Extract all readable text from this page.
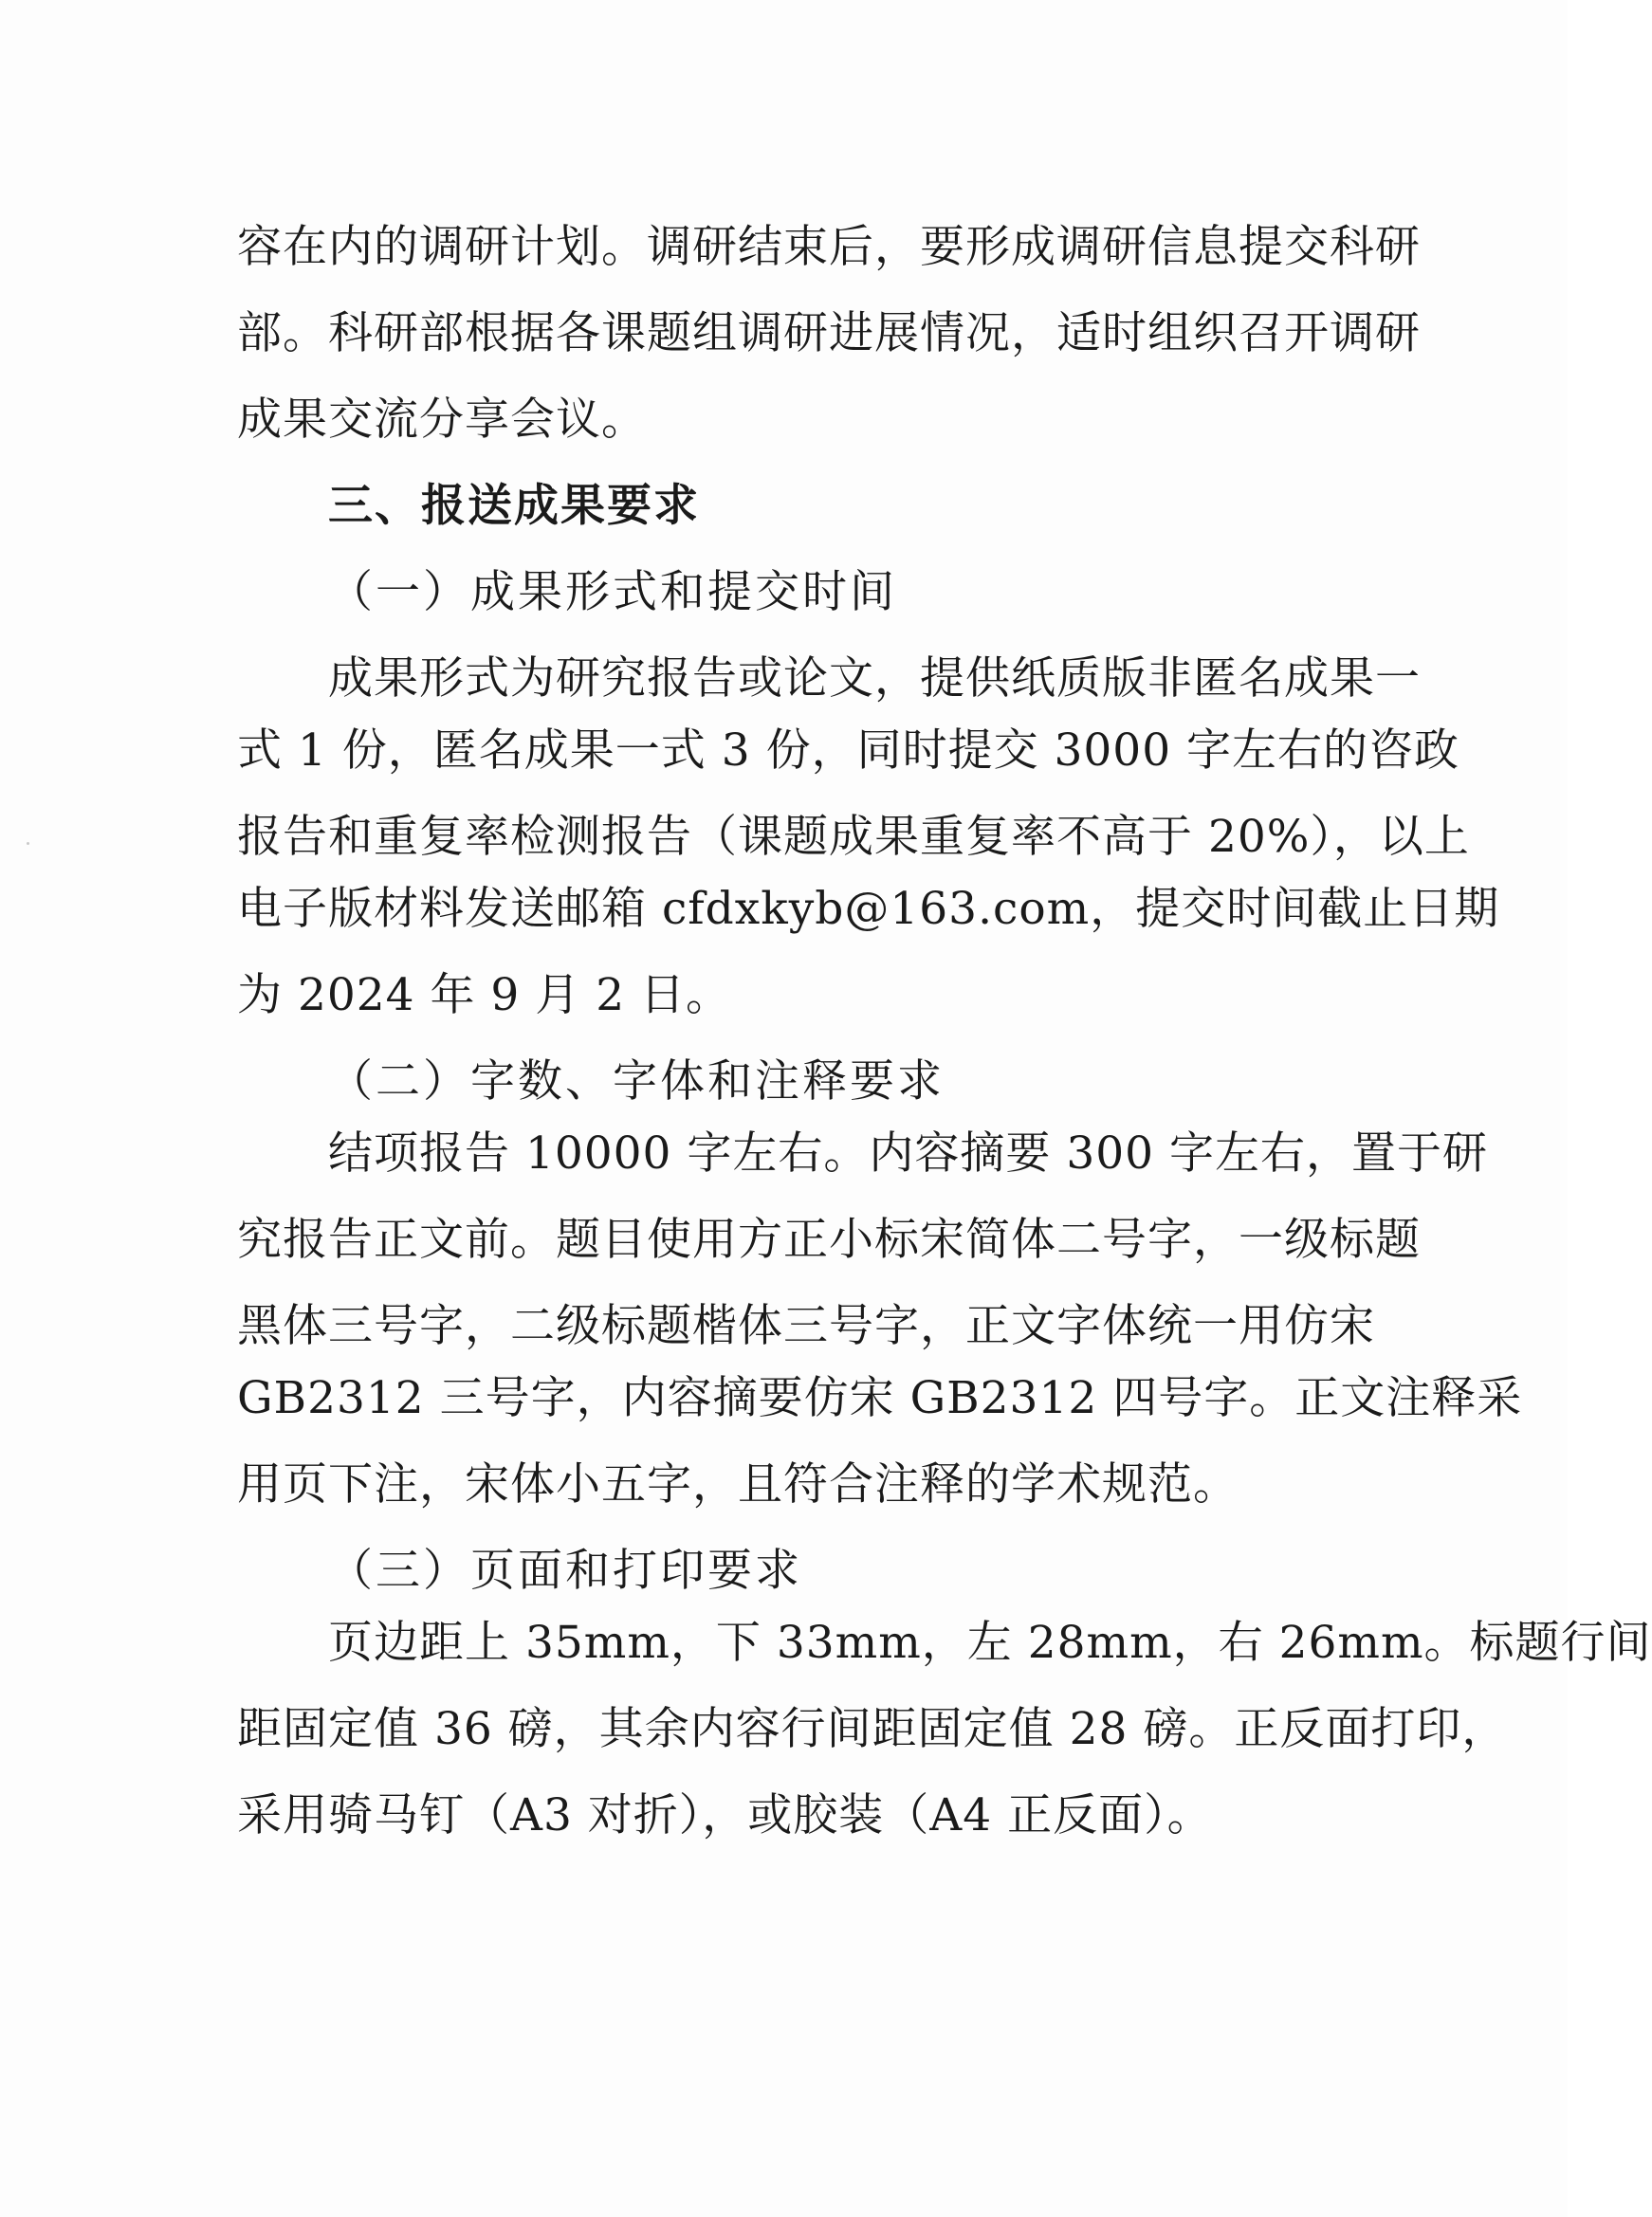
容在内的调研计划。调研结束后，要形成调研信息提交科研
部。科研部根据各课题组调研进展情况，适时组织召开调研
成果交流分享会议。
三、报送成果要求
（一）成果形式和提交时间
成果形式为研究报告或论文，提供纸质版非匿名成果一
式 1 份，匿名成果一式 3 份，同时提交 3000 字左右的咨政
报告和重复率检测报告（课题成果重复率不高于 20%），以上
电子版材料发送邮箱 cfdxkyb@163.com，提交时间截止日期
为 2024 年 9 月 2 日。
（二）字数、字体和注释要求
结项报告 10000 字左右。内容摘要 300 字左右，置于研
究报告正文前。题目使用方正小标宋简体二号字，一级标题
黑体三号字，二级标题楷体三号字，正文字体统一用仿宋
GB2312 三号字，内容摘要仿宋 GB2312 四号字。正文注释采
用页下注，宋体小五字，且符合注释的学术规范。
（三）页面和打印要求
页边距上 35mm，下 33mm，左 28mm，右 26mm。标题行间
距固定值 36 磅，其余内容行间距固定值 28 磅。正反面打印，
采用骑马钉（A3 对折），或胶装（A4 正反面）。
